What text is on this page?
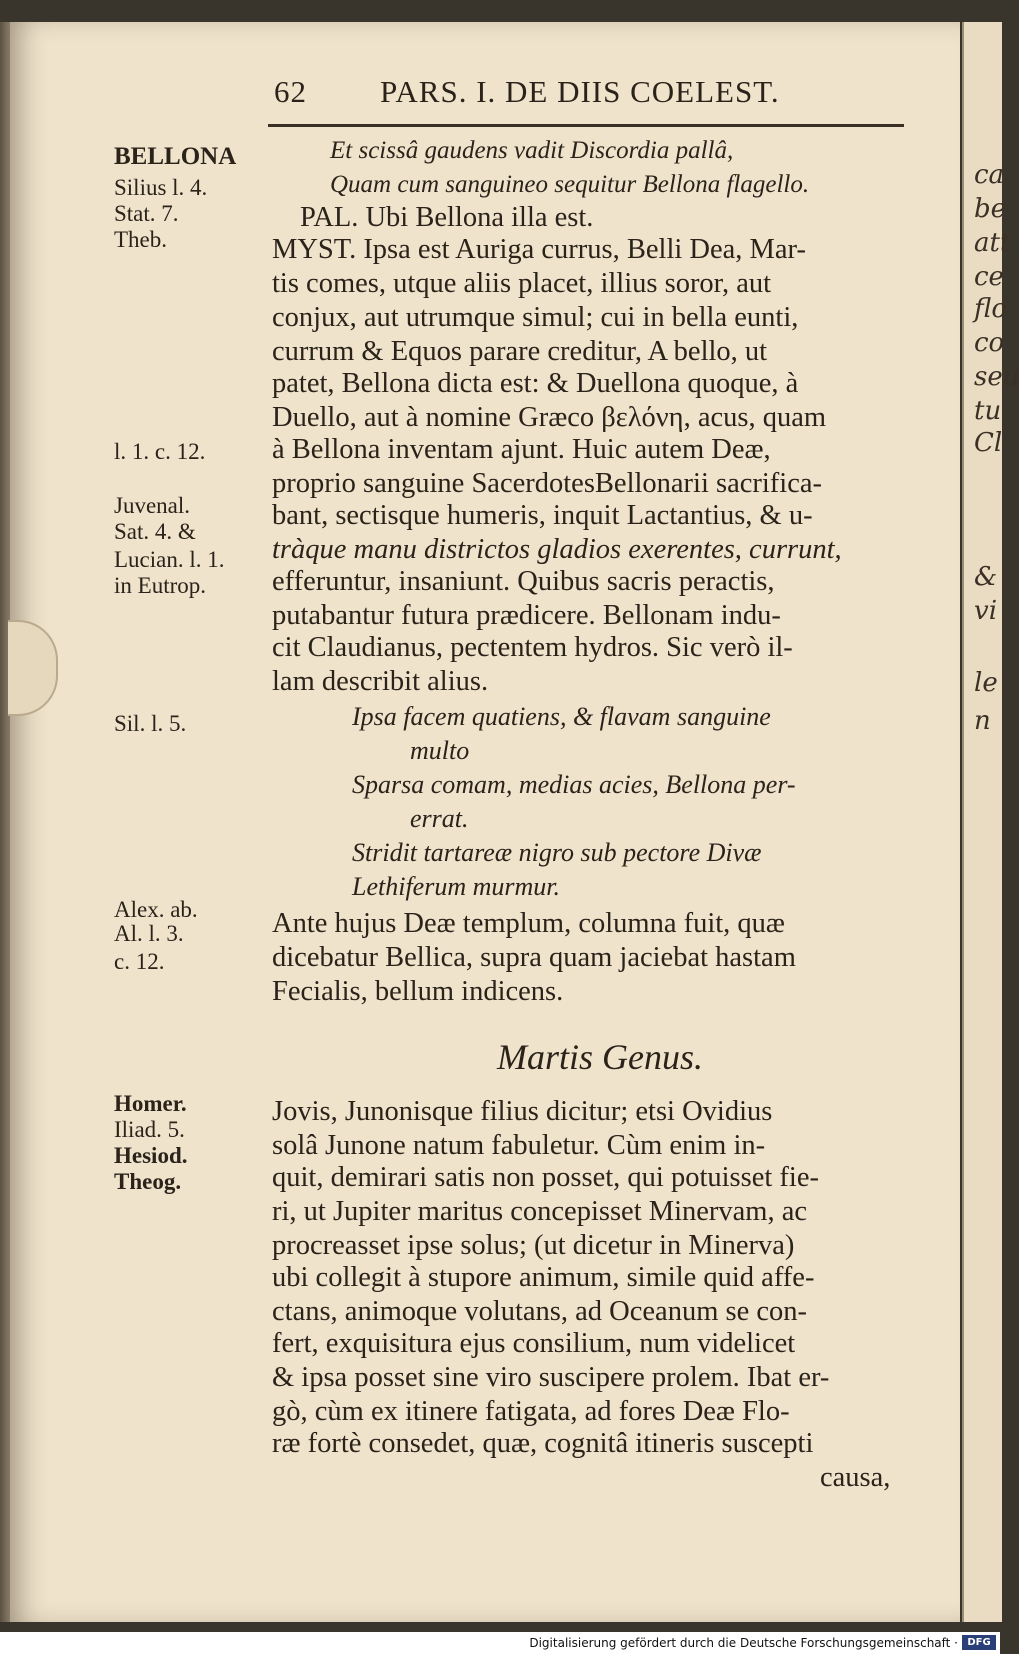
ca
be
att
ce
flo
co
seu
tu
Cl
&
vi
le
n
62 PARS. I. DE DIIS COELEST.
BELLONA
Silius l. 4.
Stat. 7.
Theb.
l. 1. c. 12.
Juvenal.
Sat. 4. &
Lucian. l. 1.
in Eutrop.
Sil. l. 5.
Alex. ab.
Al. l. 3.
c. 12.
Homer.
Iliad. 5.
Hesiod.
Theog.
Et scissâ gaudens vadit Discordia pallâ,
Quam cum sanguineo sequitur Bellona flagello.
PAL. Ubi Bellona illa est.
MYST. Ipsa est Auriga currus, Belli Dea, Mar-
tis comes, utque aliis placet, illius soror, aut
conjux, aut utrumque simul; cui in bella eunti,
currum & Equos parare creditur, A bello, ut
patet, Bellona dicta est: & Duellona quoque, à
Duello, aut à nomine Græco βελόνη, acus, quam
à Bellona inventam ajunt. Huic autem Deæ,
proprio sanguine SacerdotesBellonarii sacrifica-
bant, sectisque humeris, inquit Lactantius, & u-
tràque manu districtos gladios exerentes, currunt,
efferuntur, insaniunt. Quibus sacris peractis,
putabantur futura prædicere. Bellonam indu-
cit Claudianus, pectentem hydros. Sic verò il-
lam describit alius.
Ipsa facem quatiens, & flavam sanguine
multo
Sparsa comam, medias acies, Bellona per-
errat.
Stridit tartareæ nigro sub pectore Divæ
Lethiferum murmur.
Ante hujus Deæ templum, columna fuit, quæ
dicebatur Bellica, supra quam jaciebat hastam
Fecialis, bellum indicens.
Jovis, Junonisque filius dicitur; etsi Ovidius
solâ Junone natum fabuletur. Cùm enim in-
quit, demirari satis non posset, qui potuisset fie-
ri, ut Jupiter maritus concepisset Minervam, ac
procreasset ipse solus; (ut dicetur in Minerva)
ubi collegit à stupore animum, simile quid affe-
ctans, animoque volutans, ad Oceanum se con-
fert, exquisitura ejus consilium, num videlicet
& ipsa posset sine viro suscipere prolem. Ibat er-
gò, cùm ex itinere fatigata, ad fores Deæ Flo-
ræ fortè consedet, quæ, cognitâ itineris suscepti
causa,
Martis Genus.
Digitalisierung gefördert durch die Deutsche Forschungsgemeinschaft · DFG
